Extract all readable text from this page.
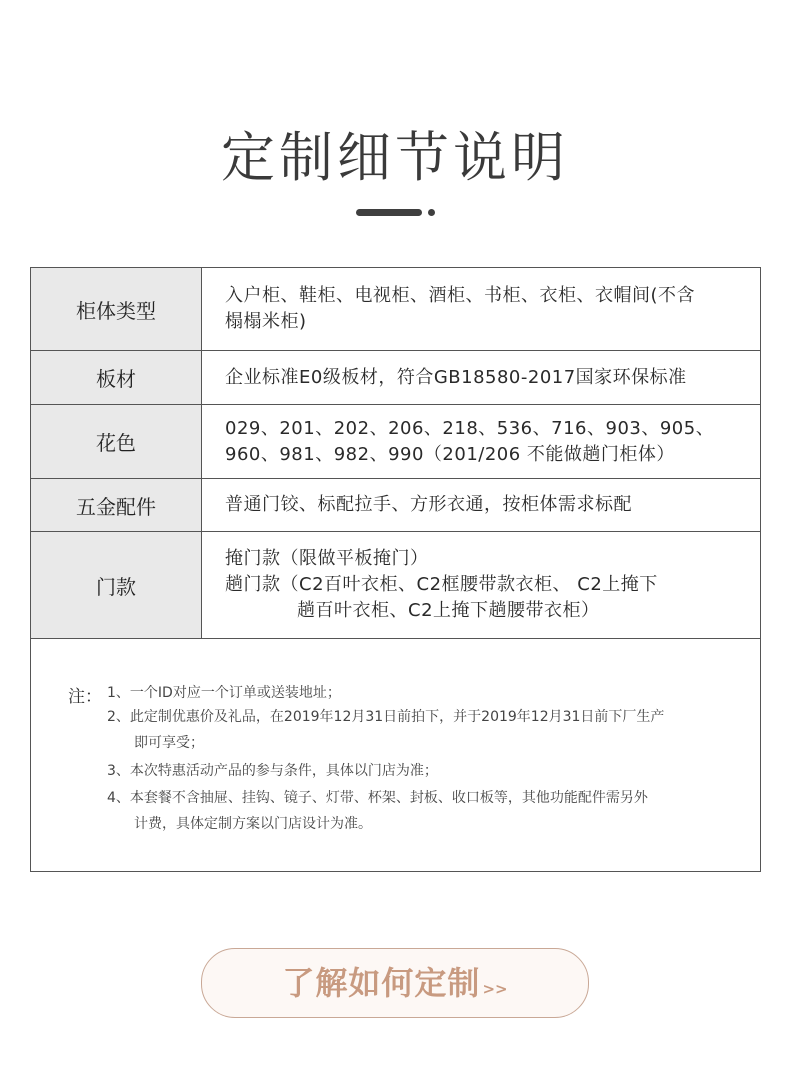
定制细节说明
柜体类型	入户柜、鞋柜、电视柜、酒柜、书柜、衣柜、衣帽间(不含
榻榻米柜)

板材	企业标准E0级板材，符合GB18580-2017国家环保标准

花色	029、201、202、206、218、536、716、903、905、
960、981、982、990（201/206 不能做趟门柜体）

五金配件	普通门铰、标配拉手、方形衣通，按柜体需求标配

门款	掩门款（限做平板掩门）
趟门款（C2百叶衣柜、C2框腰带款衣柜、 C2上掩下
趟百叶衣柜、C2上掩下趟腰带衣柜）
注： 1、一个ID对应一个订单或送装地址；
2、此定制优惠价及礼品，在2019年12月31日前拍下，并于2019年12月31日前下厂生产
即可享受；
3、本次特惠活动产品的参与条件，具体以门店为准；
4、本套餐不含抽屉、挂钩、镜子、灯带、杯架、封板、收口板等，其他功能配件需另外
计费，具体定制方案以门店设计为准。
了解如何定制 >>
